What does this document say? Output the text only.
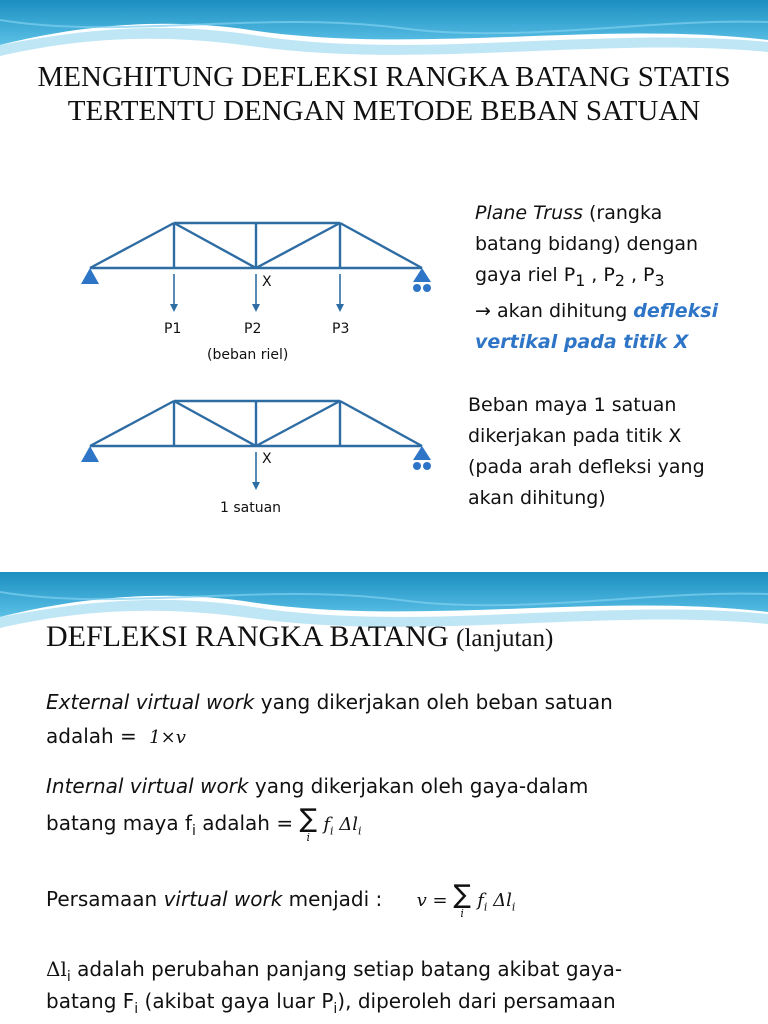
MENGHITUNG DEFLEKSI RANGKA BATANG STATIS
TERTENTU DENGAN METODE BEBAN SATUAN
X
P1	P2	P3
(beban riel)
X
1 satuan
Plane Truss (rangka
batang bidang) dengan
gaya riel $P_1$ , $P_2$ , $P_3$
→ akan dihitung defleksi
vertikal pada titik X
Beban maya 1 satuan
dikerjakan pada titik X
(pada arah defleksi yang
akan dihitung)
DEFLEKSI RANGKA BATANG (lanjutan)
External virtual work yang dikerjakan oleh beban satuan
adalah = 1×v
Internal virtual work yang dikerjakan oleh gaya-dalam
batang maya $f_i$ adalah = ∑
i
$f_i$ $\Delta l_i$
Persamaan virtual work menjadi : v = ∑
i
$f_i$ $\Delta l_i$
$\Delta l_i$ adalah perubahan panjang setiap batang akibat gaya-
batang $F_i$ (akibat gaya luar $P_i$), diperoleh dari persamaan
